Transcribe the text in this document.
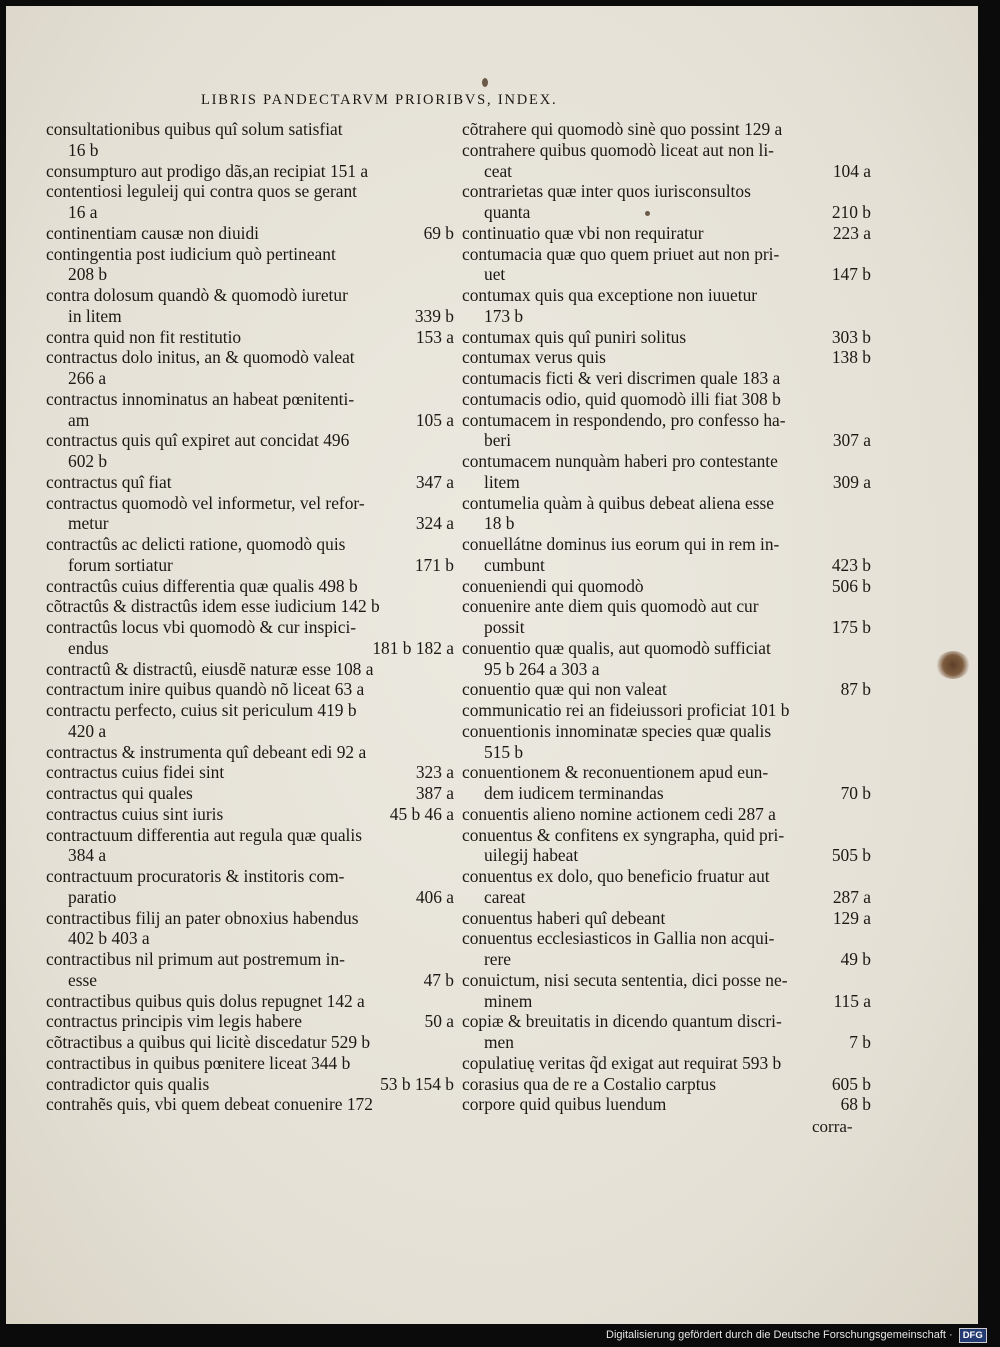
LIBRIS PANDECTARVM PRIORIBVS, INDEX.
consultationibus quibus quî solum satisfiat
16 b
consumpturo aut prodigo dãs,an recipiat 151 a
contentiosi leguleij qui contra quos se gerant
16 a
continentiam causæ non diuidi	69 b
contingentia post iudicium quò pertineant
208 b
contra dolosum quandò & quomodò iuretur
in litem	339 b
contra quid non fit restitutio	153 a
contractus dolo initus, an & quomodò valeat
266 a
contractus innominatus an habeat pœnitenti-
am	105 a
contractus quis quî expiret aut concidat 496
602 b
contractus quî fiat	347 a
contractus quomodò vel informetur, vel refor-
metur	324 a
contractûs ac delicti ratione, quomodò quis
forum sortiatur	171 b
contractûs cuius differentia quæ qualis 498 b
cõtractûs & distractûs idem esse iudicium 142 b
contractûs locus vbi quomodò & cur inspici-
endus	181 b 182 a
contractû & distractû, eiusdẽ naturæ esse 108 a
contractum inire quibus quandò nõ liceat 63 a
contractu perfecto, cuius sit periculum 419 b
420 a
contractus & instrumenta quî debeant edi 92 a
contractus cuius fidei sint	323 a
contractus qui quales	387 a
contractus cuius sint iuris	45 b 46 a
contractuum differentia aut regula quæ qualis
384 a
contractuum procuratoris & institoris com-
paratio	406 a
contractibus filij an pater obnoxius habendus
402 b 403 a
contractibus nil primum aut postremum in-
esse	47 b
contractibus quibus quis dolus repugnet 142 a
contractus principis vim legis habere	50 a
cõtractibus a quibus qui licitè discedatur 529 b
contractibus in quibus pœnitere liceat 344 b
contradictor quis qualis	53 b 154 b
contrahẽs quis, vbi quem debeat conuenire 172
cõtrahere qui quomodò sinè quo possint 129 a
contrahere quibus quomodò liceat aut non li-
ceat	104 a
contrarietas quæ inter quos iurisconsultos
quanta	210 b
continuatio quæ vbi non requiratur	223 a
contumacia quæ quo quem priuet aut non pri-
uet	147 b
contumax quis qua exceptione non iuuetur
173 b
contumax quis quî puniri solitus	303 b
contumax verus quis	138 b
contumacis ficti & veri discrimen quale 183 a
contumacis odio, quid quomodò illi fiat 308 b
contumacem in respondendo, pro confesso ha-
beri	307 a
contumacem nunquàm haberi pro contestante
litem	309 a
contumelia quàm à quibus debeat aliena esse
18 b
conuellátne dominus ius eorum qui in rem in-
cumbunt	423 b
conueniendi qui quomodò	506 b
conuenire ante diem quis quomodò aut cur
possit	175 b
conuentio quæ qualis, aut quomodò sufficiat
95 b 264 a 303 a
conuentio quæ qui non valeat	87 b
communicatio rei an fideiussori proficiat 101 b
conuentionis innominatæ species quæ qualis
515 b
conuentionem & reconuentionem apud eun-
dem iudicem terminandas	70 b
conuentis alieno nomine actionem cedi 287 a
conuentus & confitens ex syngrapha, quid pri-
uilegij habeat	505 b
conuentus ex dolo, quo beneficio fruatur aut
careat	287 a
conuentus haberi quî debeant	129 a
conuentus ecclesiasticos in Gallia non acqui-
rere	49 b
conuictum, nisi secuta sententia, dici posse ne-
minem	115 a
copiæ & breuitatis in dicendo quantum discri-
men	7 b
copulatiuę veritas q̃d exigat aut requirat 593 b
corasius qua de re a Costalio carptus	605 b
corpore quid quibus luendum	68 b
corra-
Digitalisierung gefördert durch die Deutsche Forschungsgemeinschaft ·	DFG
